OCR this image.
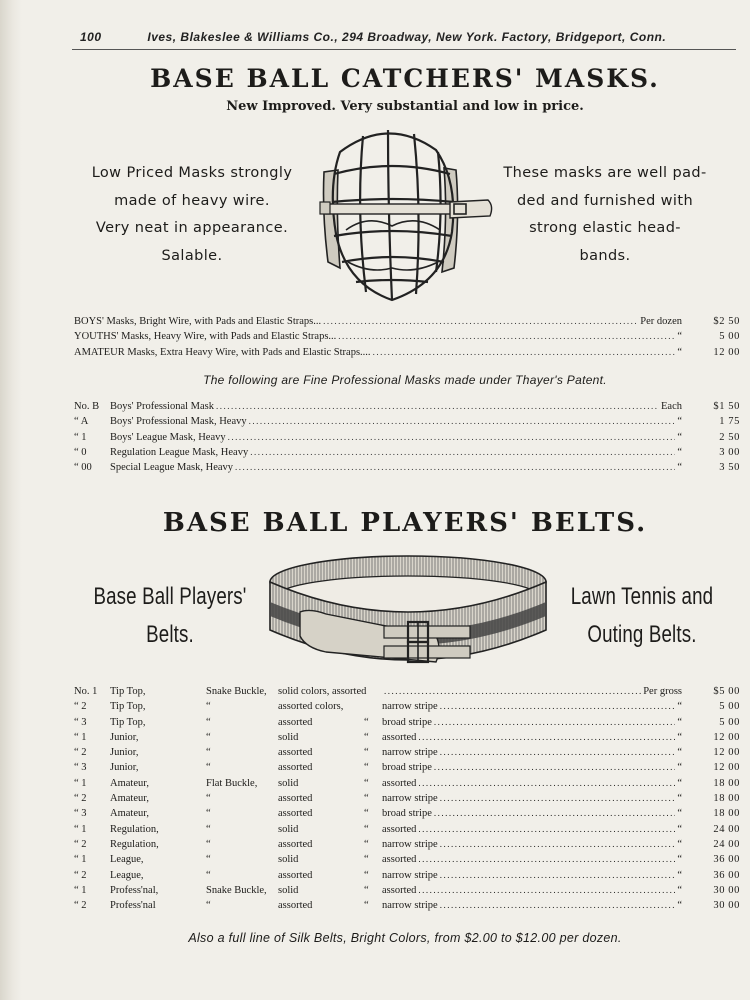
100	Ives, Blakeslee & Williams Co., 294 Broadway, New York. Factory, Bridgeport, Conn.
BASE BALL CATCHERS' MASKS.
New Improved. Very substantial and low in price.
Low Priced Masks strongly
made of heavy wire.
Very neat in appearance.
Salable.
These masks are well pad-
ded and furnished with
strong elastic head-
bands.
BOYS' Masks, Bright Wire, with Pads and Elastic Straps... .....	Per dozen	$2 50
YOUTHS' Masks, Heavy Wire, with Pads and Elastic Straps... .....	“	5 00
AMATEUR Masks, Extra Heavy Wire, with Pads and Elastic Straps.... .....	“	12 00
The following are Fine Professional Masks made under Thayer's Patent.
No. B	Boys' Professional Mask .....	Each	$1 50
“ A	Boys' Professional Mask, Heavy .....	“	1 75
“ 1	Boys' League Mask, Heavy .....	“	2 50
“ 0	Regulation League Mask, Heavy .....	“	3 00
“ 00	Special League Mask, Heavy .....	“	3 50
BASE BALL PLAYERS' BELTS.
Base Ball Players'
Belts.
Lawn Tennis and
Outing Belts.
No. 1	Tip Top,	Snake Buckle,	solid colors, assorted .....	Per gross	$5 00
“ 2	Tip Top,	“	assorted colors,	narrow stripe .....	“	5 00
“ 3	Tip Top,	“	assorted	“	broad stripe .....	“	5 00
“ 1	Junior,	“	solid	“	assorted .....	“	12 00
“ 2	Junior,	“	assorted	“	narrow stripe .....	“	12 00
“ 3	Junior,	“	assorted	“	broad stripe .....	“	12 00
“ 1	Amateur,	Flat Buckle,	solid	“	assorted .....	“	18 00
“ 2	Amateur,	“	assorted	“	narrow stripe .....	“	18 00
“ 3	Amateur,	“	assorted	“	broad stripe .....	“	18 00
“ 1	Regulation,	“	solid	“	assorted .....	“	24 00
“ 2	Regulation,	“	assorted	“	narrow stripe .....	“	24 00
“ 1	League,	“	solid	“	assorted .....	“	36 00
“ 2	League,	“	assorted	“	narrow stripe .....	“	36 00
“ 1	Profess'nal,	Snake Buckle,	solid	“	assorted .....	“	30 00
“ 2	Profess'nal	“	assorted	“	narrow stripe .....	“	30 00
Also a full line of Silk Belts, Bright Colors, from $2.00 to $12.00 per dozen.
